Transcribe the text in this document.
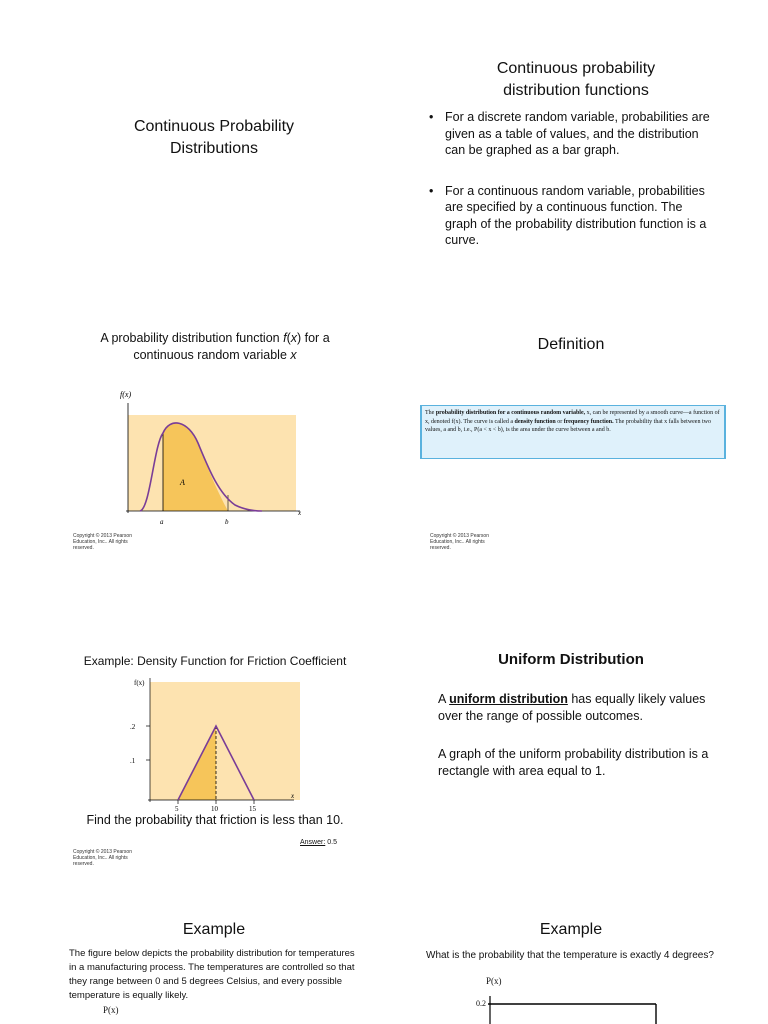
Continuous Probability
Distributions
Continuous probability
distribution functions
• For a discrete random variable, probabilities are given as a table of values, and the distribution can be graphed as a bar graph.
• For a continuous random variable, probabilities are specified by a continuous function. The graph of the probability distribution function is a curve.
A probability distribution function f(x) for a
continuous random variable x
f(x)
A
a	b
x
Copyright © 2013 Pearson Education, Inc.. All rights reserved.
Definition
The probability distribution for a continuous random variable, x, can be represented by a smooth curve—a function of x, denoted f(x). The curve is called a density function or frequency function. The probability that x falls between two values, a and b, i.e., P(a < x < b), is the area under the curve between a and b.
Copyright © 2013 Pearson Education, Inc.. All rights reserved.
Example: Density Function for Friction Coefficient
f(x)
.2
.1
5	10	15
x
Find the probability that friction is less than 10.
Answer: 0.5
Copyright © 2013 Pearson Education, Inc.. All rights reserved.
Uniform Distribution
A uniform distribution has equally likely values over the range of possible outcomes.
A graph of the uniform probability distribution is a rectangle with area equal to 1.
Example
The figure below depicts the probability distribution for temperatures in a manufacturing process. The temperatures are controlled so that they range between 0 and 5 degrees Celsius, and every possible temperature is equally likely.
P(x)
Example
What is the probability that the temperature is exactly 4 degrees?
P(x)
0.2
